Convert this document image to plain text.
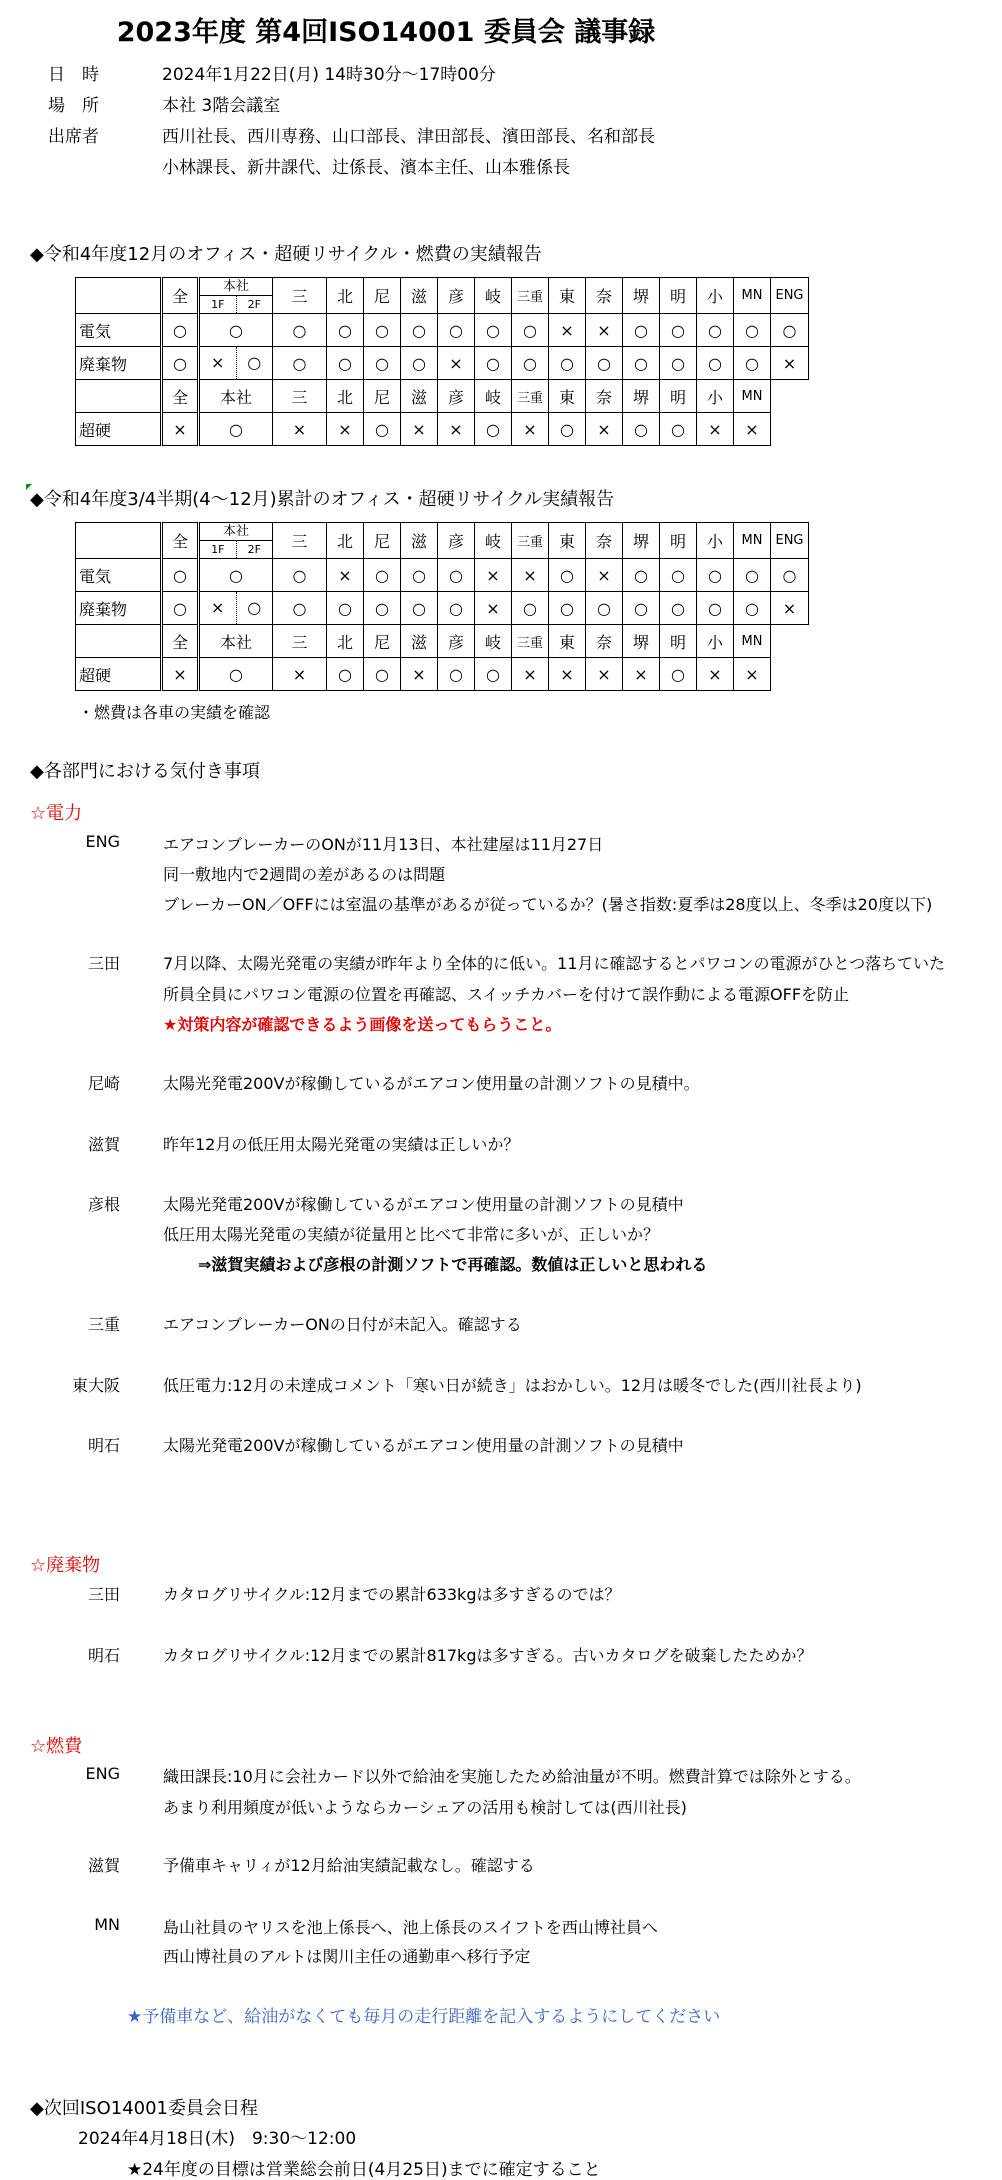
2023年度 第4回ISO14001 委員会 議事録
日　時	2024年1月22日(月) 14時30分～17時00分
場　所	本社 3階会議室
出席者	西川社長、西川専務、山口部長、津田部長、濱田部長、名和部長
小林課長、新井課代、辻係長、濱本主任、山本雅係長
◆令和4年度12月のオフィス・超硬リサイクル・燃費の実績報告
◤
◆令和4年度3/4半期(4～12月)累計のオフィス・超硬リサイクル実績報告
・燃費は各車の実績を確認
◆各部門における気付き事項
☆電力
ENG	エアコンブレーカーのONが11月13日、本社建屋は11月27日
同一敷地内で2週間の差があるのは問題
ブレーカーON／OFFには室温の基準があるが従っているか？(暑さ指数:夏季は28度以上、冬季は20度以下)
三田	7月以降、太陽光発電の実績が昨年より全体的に低い。11月に確認するとパワコンの電源がひとつ落ちていた
所員全員にパワコン電源の位置を再確認、スイッチカバーを付けて誤作動による電源OFFを防止
★対策内容が確認できるよう画像を送ってもらうこと。
尼崎	太陽光発電200Vが稼働しているがエアコン使用量の計測ソフトの見積中。
滋賀	昨年12月の低圧用太陽光発電の実績は正しいか？
彦根	太陽光発電200Vが稼働しているがエアコン使用量の計測ソフトの見積中
低圧用太陽光発電の実績が従量用と比べて非常に多いが、正しいか？
⇒滋賀実績および彦根の計測ソフトで再確認。数値は正しいと思われる
三重	エアコンブレーカーONの日付が未記入。確認する
東大阪	低圧電力:12月の未達成コメント「寒い日が続き」はおかしい。12月は暖冬でした(西川社長より)
明石	太陽光発電200Vが稼働しているがエアコン使用量の計測ソフトの見積中
☆廃棄物
三田	カタログリサイクル:12月までの累計633kgは多すぎるのでは？
明石	カタログリサイクル:12月までの累計817kgは多すぎる。古いカタログを破棄したためか？
☆燃費
ENG	織田課長:10月に会社カード以外で給油を実施したため給油量が不明。燃費計算では除外とする。
あまり利用頻度が低いようならカーシェアの活用も検討しては(西川社長)
滋賀	予備車キャリィが12月給油実績記載なし。確認する
MN	島山社員のヤリスを池上係長へ、池上係長のスイフトを西山博社員へ
西山博社員のアルトは関川主任の通勤車へ移行予定
★予備車など、給油がなくても毎月の走行距離を記入するようにしてください
◆次回ISO14001委員会日程
2024年4月18日(木)　9:30～12:00
★24年度の目標は営業総会前日(4月25日)までに確定すること
	全	本社
1F 2F	三	北	尼	滋	彦	岐	三重	東	奈	堺	明	小	MN	ENG
電気	○	○	○	○	○	○	○	○	○	×	×	○	○	○	○	○
廃棄物	○	× ○	○	○	○	○	×	○	○	○	○	○	○	○	○	×
	全	本社	三	北	尼	滋	彦	岐	三重	東	奈	堺	明	小	MN	
超硬	×	○	×	×	○	×	×	○	×	○	×	○	○	×	×	
	全	本社
1F 2F	三	北	尼	滋	彦	岐	三重	東	奈	堺	明	小	MN	ENG
電気	○	○	○	×	○	○	○	×	×	○	×	○	○	○	○	○
廃棄物	○	× ○	○	○	○	○	○	×	○	○	○	○	○	○	○	×
	全	本社	三	北	尼	滋	彦	岐	三重	東	奈	堺	明	小	MN	
超硬	×	○	×	○	○	×	○	○	×	×	×	×	○	×	×	
